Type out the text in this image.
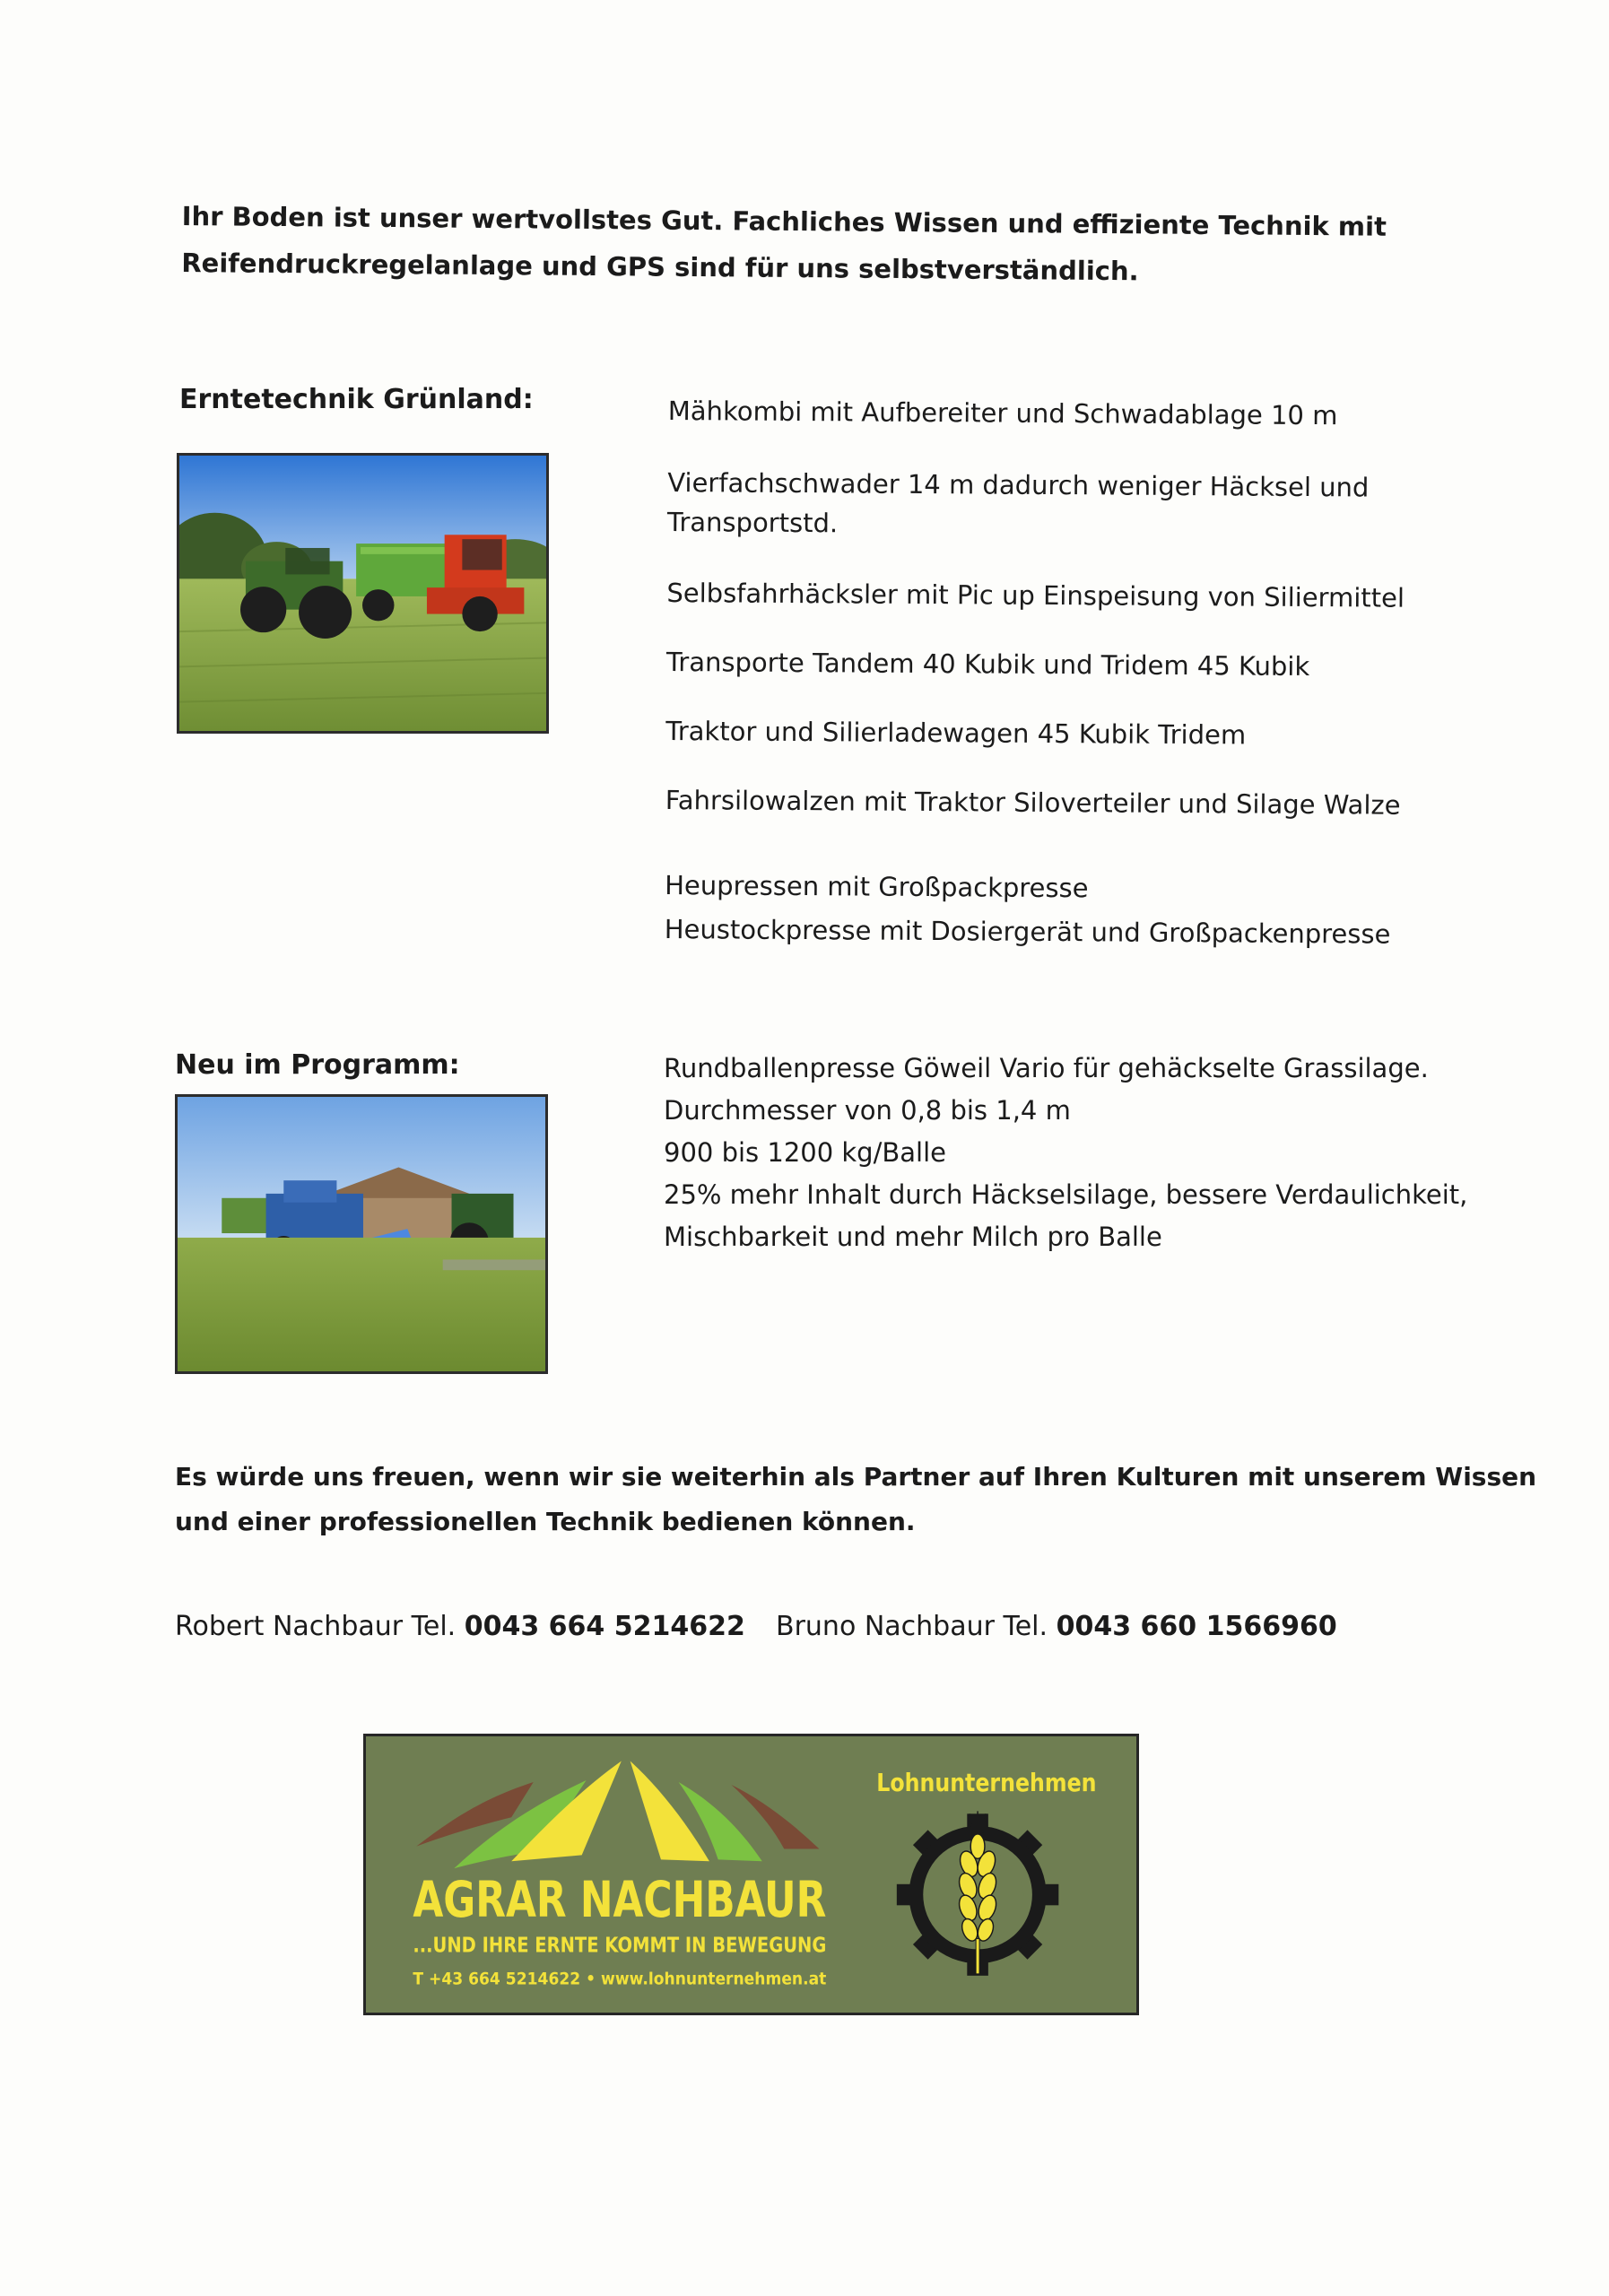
Ihr Boden ist unser wertvollstes Gut. Fachliches Wissen und effiziente Technik mit
Reifendruckregelanlage und GPS sind für uns selbstverständlich.
Erntetechnik Grünland:	Mähkombi mit Aufbereiter und Schwadablage 10 m
Vierfachschwader 14 m dadurch weniger Häcksel und
Transportstd.
Selbsfahrhäcksler mit Pic up Einspeisung von Siliermittel
Transporte Tandem 40 Kubik und Tridem 45 Kubik
Traktor und Silierladewagen 45 Kubik Tridem
Fahrsilowalzen mit Traktor Siloverteiler und Silage Walze
Heupressen mit Großpackpresse
Heustockpresse mit Dosiergerät und Großpackenpresse
Neu im Programm:	Rundballenpresse Göweil Vario für gehäckselte Grassilage.
Durchmesser von 0,8 bis 1,4 m
900 bis 1200 kg/Balle
25% mehr Inhalt durch Häckselsilage, bessere Verdaulichkeit,
Mischbarkeit und mehr Milch pro Balle
Es würde uns freuen, wenn wir sie weiterhin als Partner auf Ihren Kulturen mit unserem Wissen
und einer professionellen Technik bedienen können.
Robert Nachbaur Tel. 0043 664 5214622 Bruno Nachbaur Tel. 0043 660 1566960
AGRAR NACHBAUR
...UND IHRE ERNTE KOMMT IN BEWEGUNG
T +43 664 5214622 • www.lohnunternehmen.at
Lohnunternehmen
